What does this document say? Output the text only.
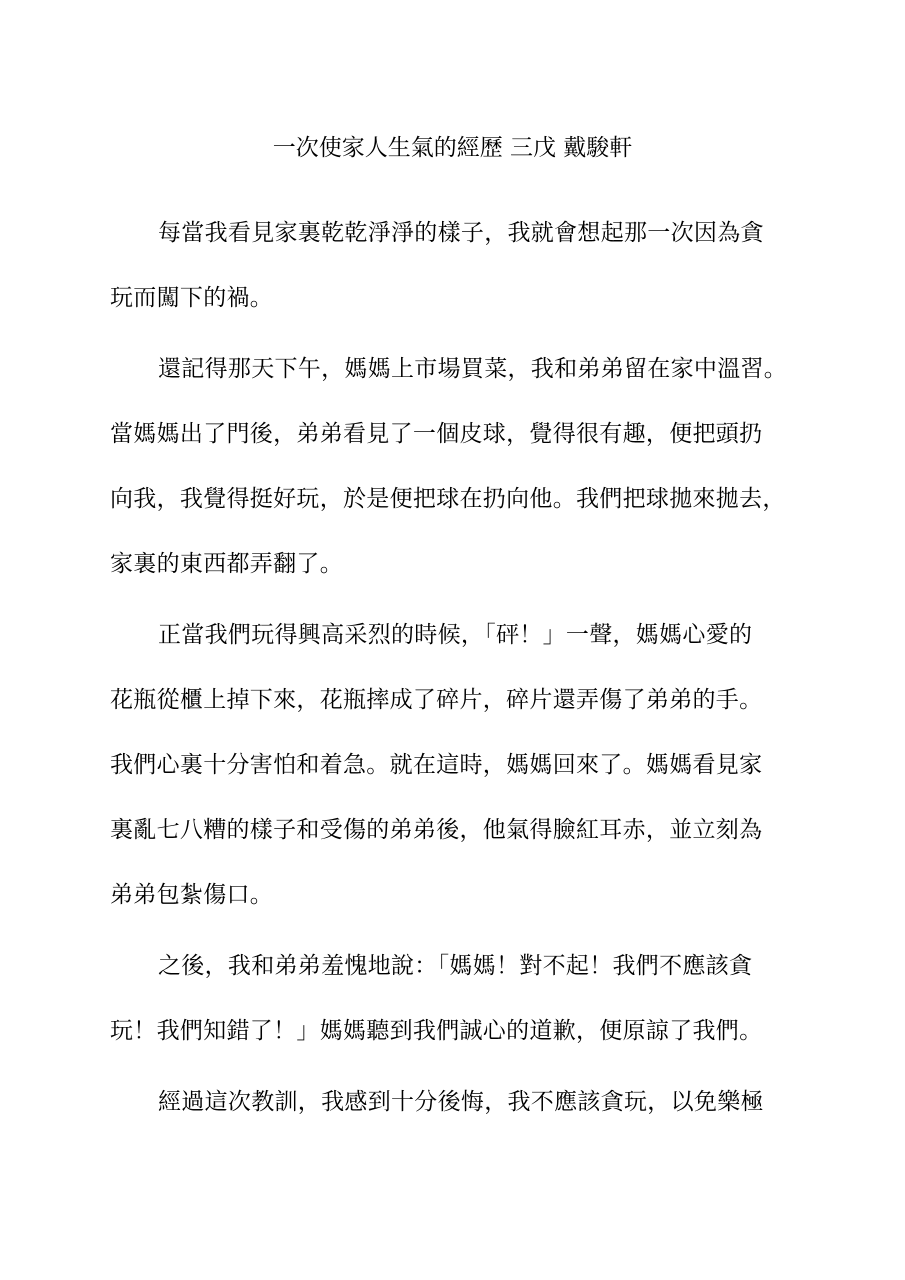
一次使家人生氣的經歷 三戊 戴駿軒
每當我看見家裏乾乾淨淨的樣子，我就會想起那一次因為貪
玩而闖下的禍。
還記得那天下午，媽媽上市場買菜，我和弟弟留在家中溫習。
當媽媽出了門後，弟弟看見了一個皮球，覺得很有趣，便把頭扔
向我，我覺得挺好玩，於是便把球在扔向他。我們把球拋來拋去，
家裏的東西都弄翻了。
正當我們玩得興高采烈的時候，「砰！」一聲，媽媽心愛的
花瓶從櫃上掉下來，花瓶摔成了碎片，碎片還弄傷了弟弟的手。
我們心裏十分害怕和着急。就在這時，媽媽回來了。媽媽看見家
裏亂七八糟的樣子和受傷的弟弟後，他氣得臉紅耳赤，並立刻為
弟弟包紮傷口。
之後，我和弟弟羞愧地說：「媽媽！對不起！我們不應該貪
玩！我們知錯了！」媽媽聽到我們誠心的道歉，便原諒了我們。
經過這次教訓，我感到十分後悔，我不應該貪玩，以免樂極
